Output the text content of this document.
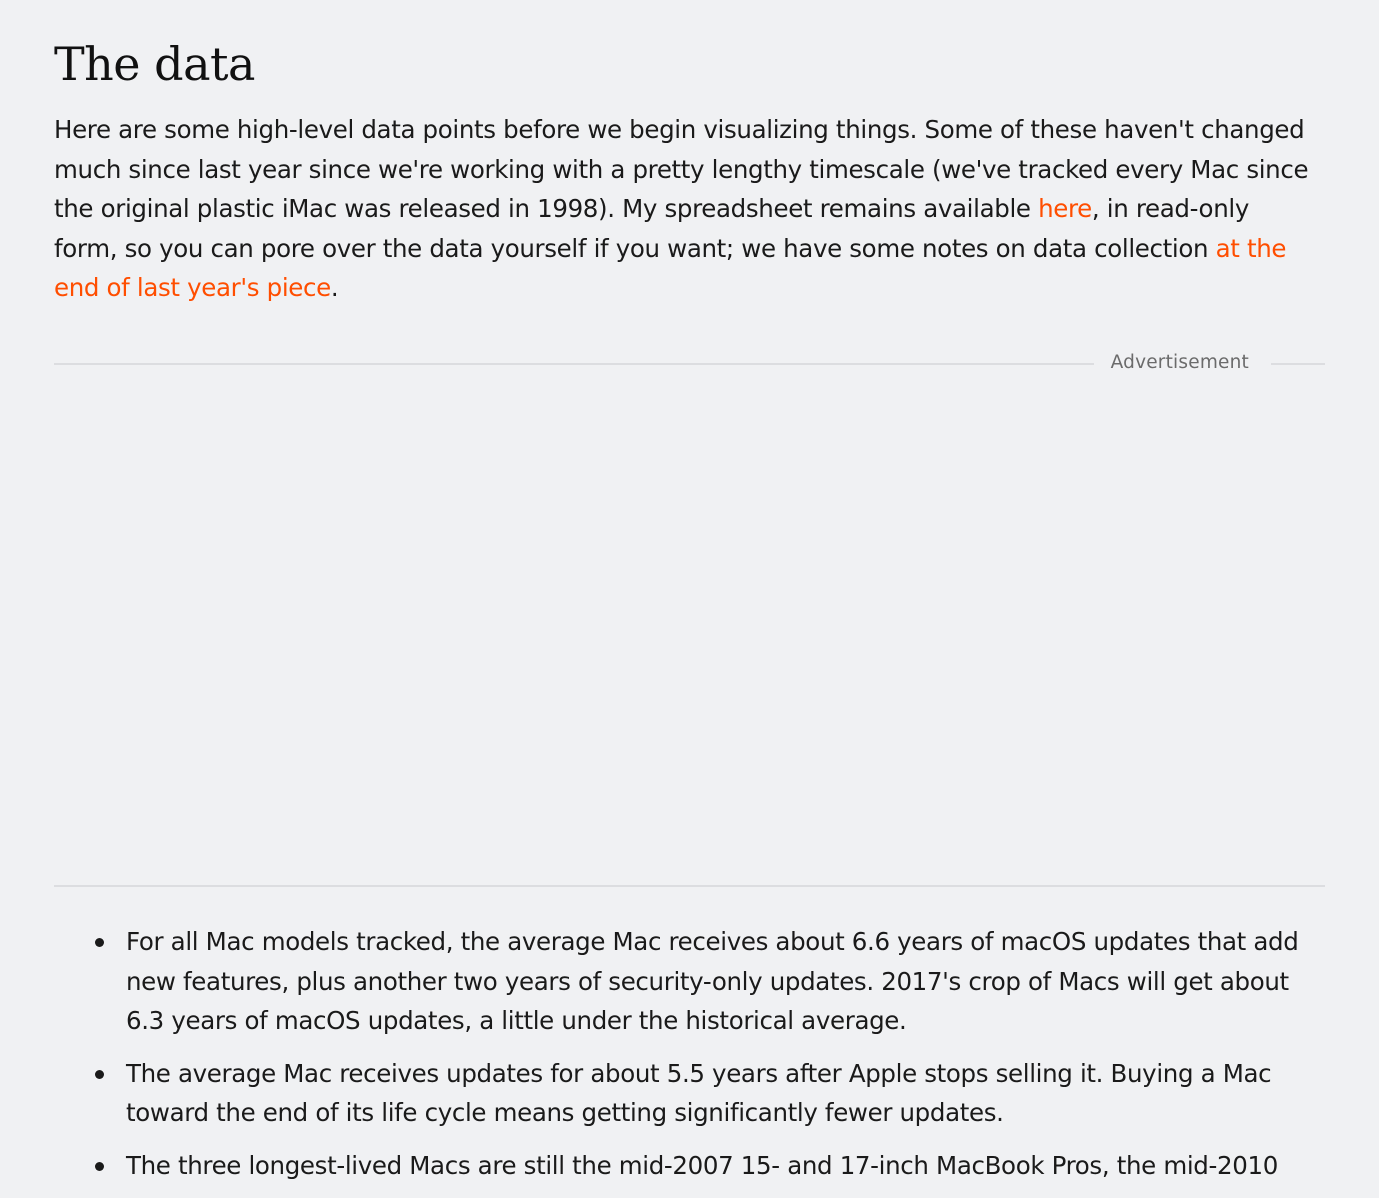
The data

Here are some high-level data points before we begin visualizing things. Some of these haven't changed much since last year since we're working with a pretty lengthy timescale (we've tracked every Mac since the original plastic iMac was released in 1998). My spreadsheet remains available here, in read-only form, so you can pore over the data yourself if you want; we have some notes on data collection at the end of last year's piece.

Advertisement
For all Mac models tracked, the average Mac receives about 6.6 years of macOS updates that add new features, plus another two years of security-only updates. 2017's crop of Macs will get about 6.3 years of macOS updates, a little under the historical average.
The average Mac receives updates for about 5.5 years after Apple stops selling it. Buying a Mac toward the end of its life cycle means getting significantly fewer updates.
The three longest-lived Macs are still the mid-2007 15- and 17-inch MacBook Pros, the mid-2010
